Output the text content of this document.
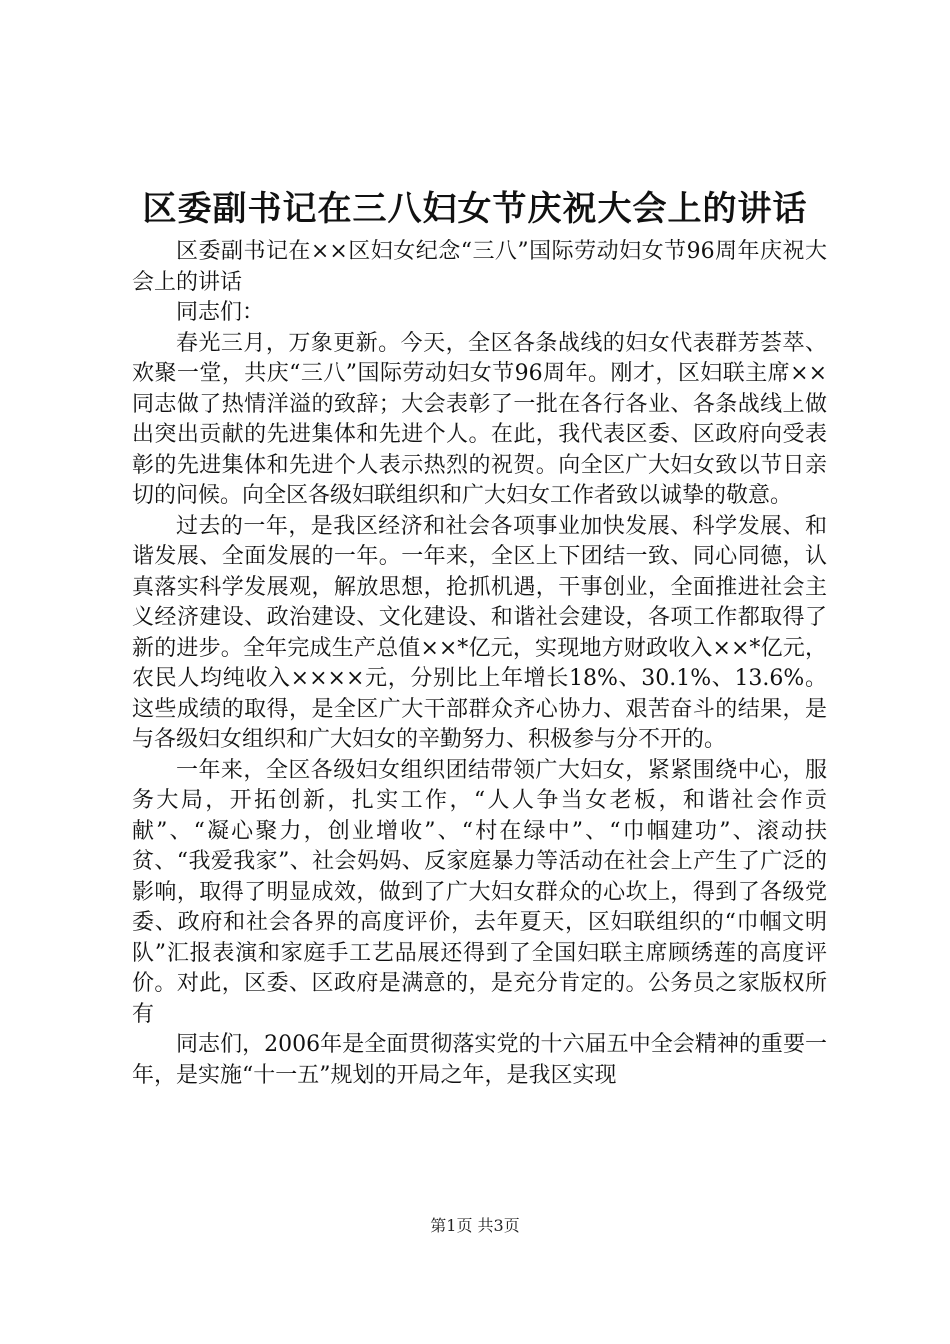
区委副书记在三八妇女节庆祝大会上的讲话

区委副书记在××区妇女纪念“三八”国际劳动妇女节96周年庆祝大会上的讲话

同志们：

春光三月，万象更新。今天，全区各条战线的妇女代表群芳荟萃、欢聚一堂，共庆“三八”国际劳动妇女节96周年。刚才，区妇联主席××同志做了热情洋溢的致辞；大会表彰了一批在各行各业、各条战线上做出突出贡献的先进集体和先进个人。在此，我代表区委、区政府向受表彰的先进集体和先进个人表示热烈的祝贺。向全区广大妇女致以节日亲切的问候。向全区各级妇联组织和广大妇女工作者致以诚挚的敬意。

过去的一年，是我区经济和社会各项事业加快发展、科学发展、和谐发展、全面发展的一年。一年来，全区上下团结一致、同心同德，认真落实科学发展观，解放思想，抢抓机遇，干事创业，全面推进社会主义经济建设、政治建设、文化建设、和谐社会建设，各项工作都取得了新的进步。全年完成生产总值××*亿元，实现地方财政收入××*亿元，农民人均纯收入××××元，分别比上年增长18%、30.1%、13.6%。这些成绩的取得，是全区广大干部群众齐心协力、艰苦奋斗的结果，是与各级妇女组织和广大妇女的辛勤努力、积极参与分不开的。

一年来，全区各级妇女组织团结带领广大妇女，紧紧围绕中心，服务大局，开拓创新，扎实工作，“人人争当女老板，和谐社会作贡献”、“凝心聚力，创业增收”、“村在绿中”、“巾帼建功”、滚动扶贫、“我爱我家”、社会妈妈、反家庭暴力等活动在社会上产生了广泛的影响，取得了明显成效，做到了广大妇女群众的心坎上，得到了各级党委、政府和社会各界的高度评价，去年夏天，区妇联组织的“巾帼文明队”汇报表演和家庭手工艺品展还得到了全国妇联主席顾绣莲的高度评价。对此，区委、区政府是满意的，是充分肯定的。公务员之家版权所有

同志们，2006年是全面贯彻落实党的十六届五中全会精神的重要一年，是实施“十一五”规划的开局之年，是我区实现

第1页 共3页
